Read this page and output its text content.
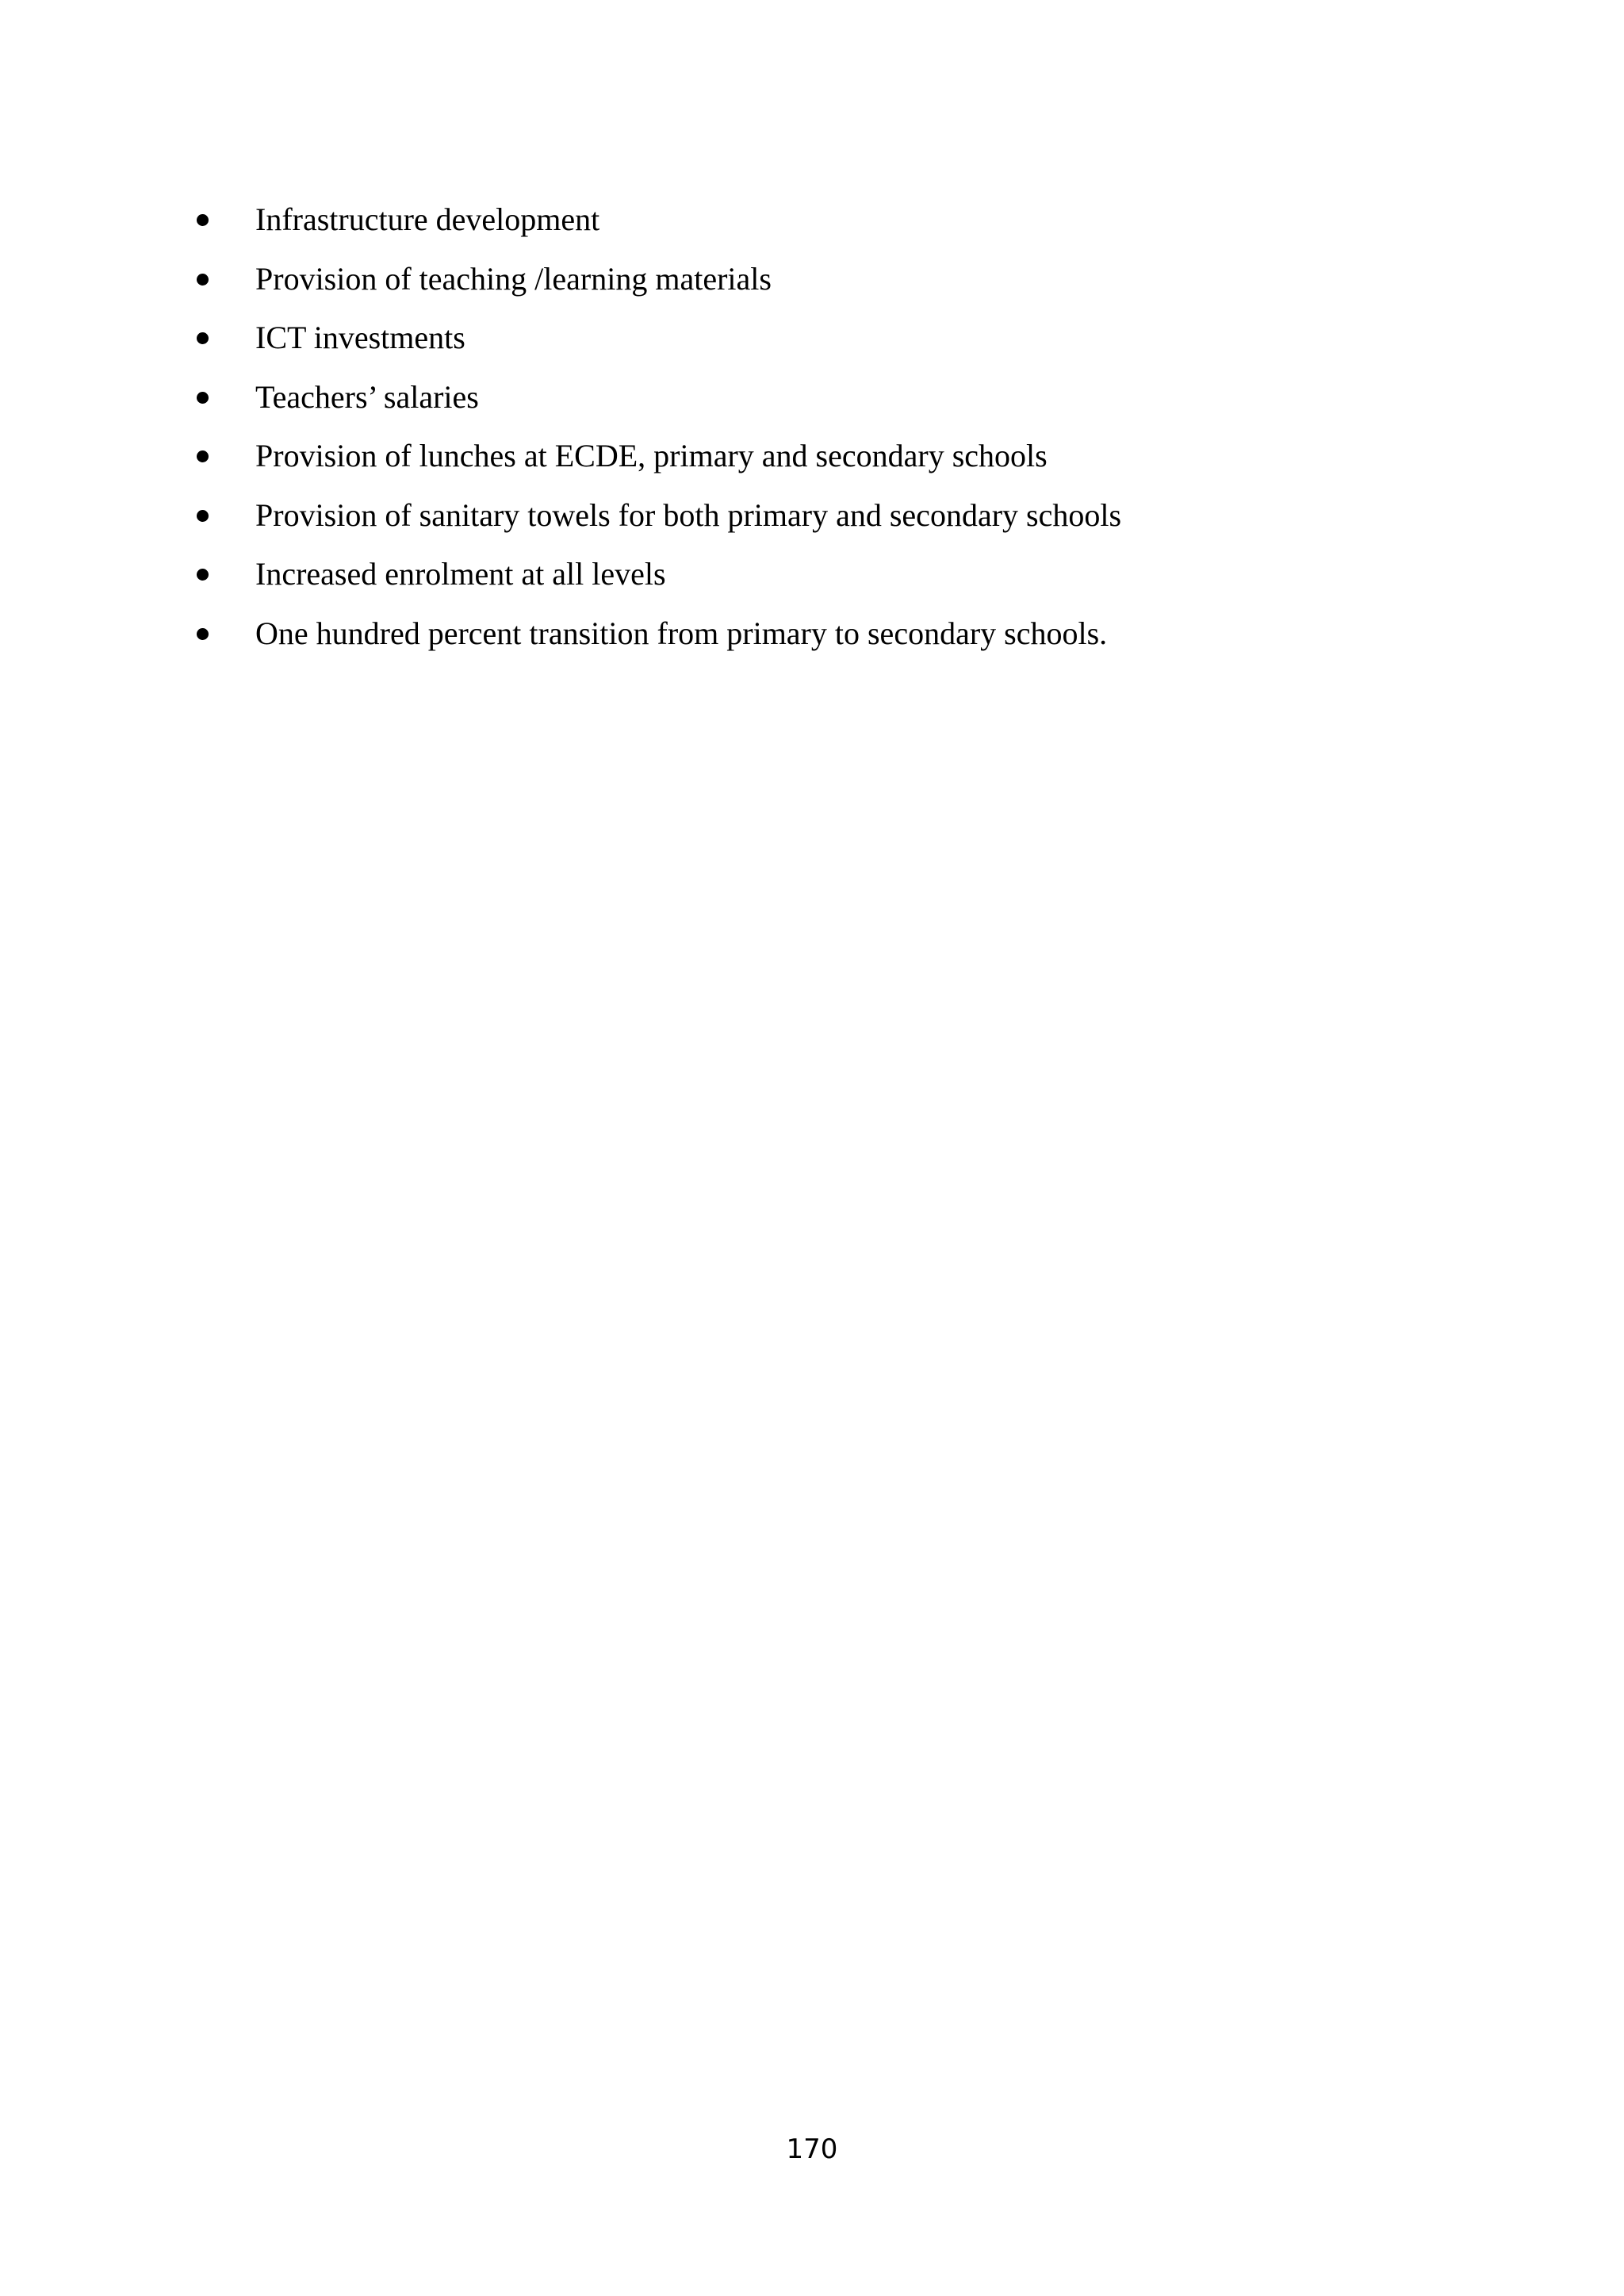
Infrastructure development
Provision of teaching /learning materials
ICT investments
Teachers’ salaries
Provision of lunches at ECDE, primary and secondary schools
Provision of sanitary towels for both primary and secondary schools
Increased enrolment at all levels
One hundred percent transition from primary to secondary schools.
170
